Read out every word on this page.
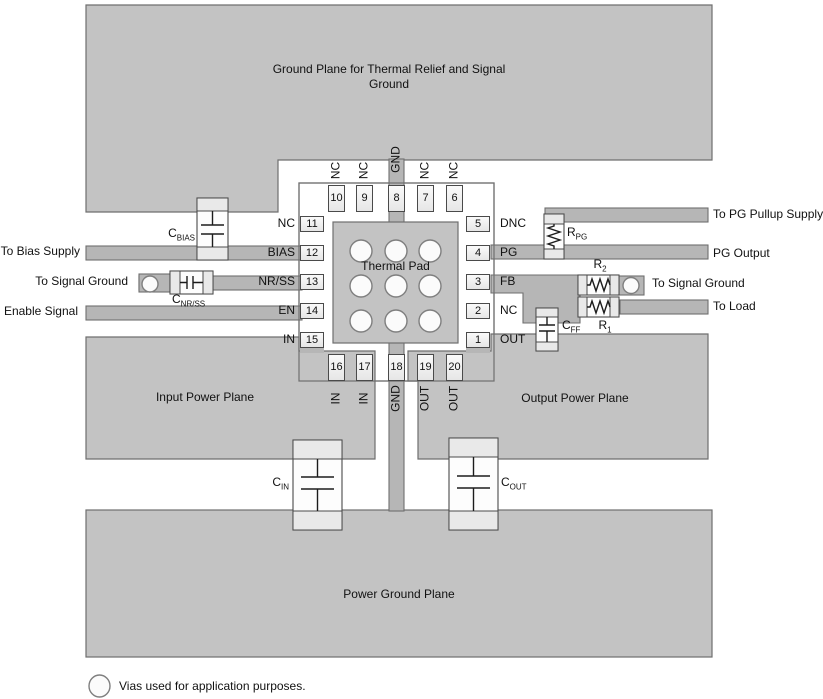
10	9	8	7	6
16 17 18 19 20
11
12
13
14
15
5
4
3
2
1
NC NC GND NC NC
IN IN GND OUT OUT
NC
BIAS
NR/SS
EN
IN
DNC
PG
FB
NC
OUT
Ground Plane for Thermal Relief and Signal
Ground
Input Power Plane	Output Power Plane
Power Ground Plane
Thermal Pad
To Bias Supply
To Signal Ground
Enable Signal
To PG Pullup Supply
PG Output
To Signal Ground
To Load
$C_{BIAS}$
$C_{NR/SS}$
$R_{PG}$
$R_2$
$R_1$
$C_{FF}$
$C_{IN}$	$C_{OUT}$
Vias used for application purposes.
